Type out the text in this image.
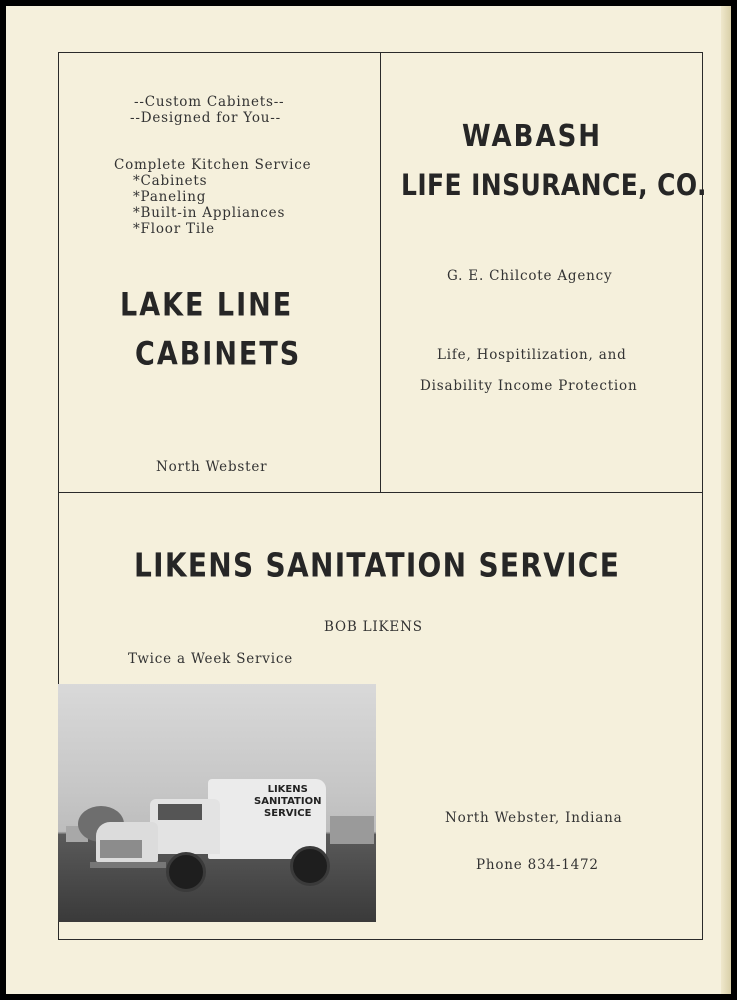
--Custom Cabinets--
--Designed for You--
Complete Kitchen Service
*Cabinets
*Paneling
*Built-in Appliances
*Floor Tile
LAKE LINE
CABINETS
North Webster
WABASH
LIFE INSURANCE, CO.
G. E. Chilcote Agency
Life, Hospitilization, and
Disability Income Protection
LIKENS SANITATION SERVICE
BOB LIKENS
Twice a Week Service
LIKENS
SANITATION
SERVICE	North Webster, Indiana
Phone 834-1472
